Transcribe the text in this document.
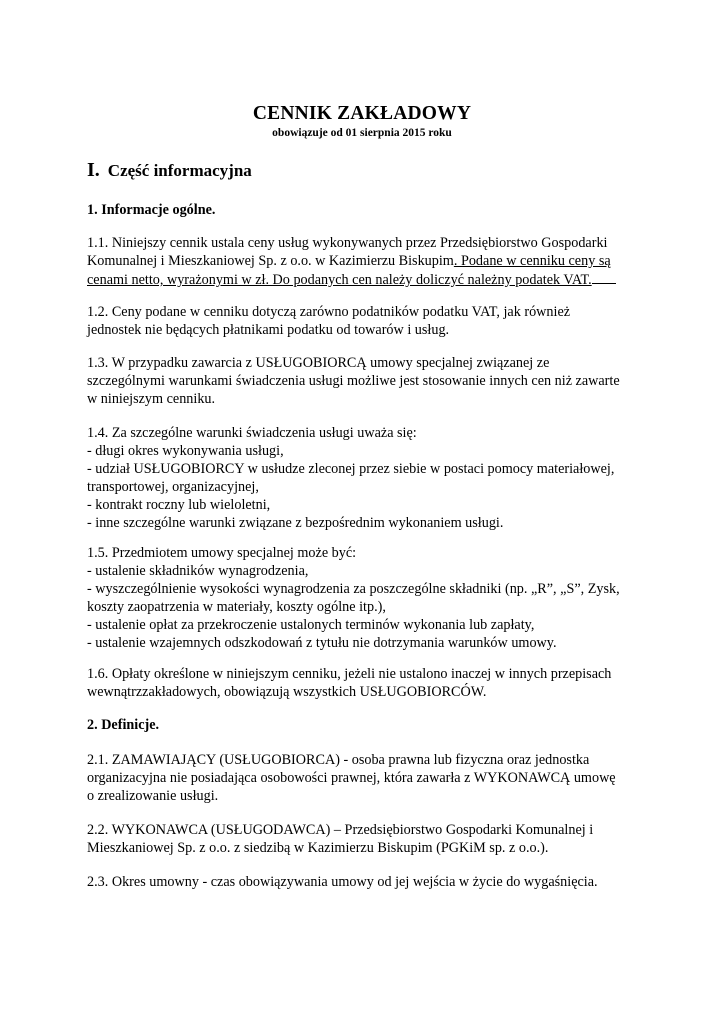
CENNIK ZAKŁADOWY
obowiązuje od 01 sierpnia 2015 roku
I. Część informacyjna
1. Informacje ogólne.
1.1. Niniejszy cennik ustala ceny usług wykonywanych przez Przedsiębiorstwo Gospodarki
Komunalnej i Mieszkaniowej Sp. z o.o. w Kazimierzu Biskupim. Podane w cenniku ceny są
cenami netto, wyrażonymi w zł. Do podanych cen należy doliczyć należny podatek VAT.
1.2. Ceny podane w cenniku dotyczą zarówno podatników podatku VAT, jak również
jednostek nie będących płatnikami podatku od towarów i usług.
1.3. W przypadku zawarcia z USŁUGOBIORCĄ umowy specjalnej związanej ze
szczególnymi warunkami świadczenia usługi możliwe jest stosowanie innych cen niż zawarte
w niniejszym cenniku.
1.4. Za szczególne warunki świadczenia usługi uważa się:
- długi okres wykonywania usługi,
- udział USŁUGOBIORCY w usłudze zleconej przez siebie w postaci pomocy materiałowej,
transportowej, organizacyjnej,
- kontrakt roczny lub wieloletni,
- inne szczególne warunki związane z bezpośrednim wykonaniem usługi.
1.5. Przedmiotem umowy specjalnej może być:
- ustalenie składników wynagrodzenia,
- wyszczególnienie wysokości wynagrodzenia za poszczególne składniki (np. „R”, „S”, Zysk,
koszty zaopatrzenia w materiały, koszty ogólne itp.),
- ustalenie opłat za przekroczenie ustalonych terminów wykonania lub zapłaty,
- ustalenie wzajemnych odszkodowań z tytułu nie dotrzymania warunków umowy.
1.6. Opłaty określone w niniejszym cenniku, jeżeli nie ustalono inaczej w innych przepisach
wewnątrzzakładowych, obowiązują wszystkich USŁUGOBIORCÓW.
2. Definicje.
2.1. ZAMAWIAJĄCY (USŁUGOBIORCA) - osoba prawna lub fizyczna oraz jednostka
organizacyjna nie posiadająca osobowości prawnej, która zawarła z WYKONAWCĄ umowę
o zrealizowanie usługi.
2.2. WYKONAWCA (USŁUGODAWCA) – Przedsiębiorstwo Gospodarki Komunalnej i
Mieszkaniowej Sp. z o.o. z siedzibą w Kazimierzu Biskupim (PGKiM sp. z o.o.).
2.3. Okres umowny - czas obowiązywania umowy od jej wejścia w życie do wygaśnięcia.
